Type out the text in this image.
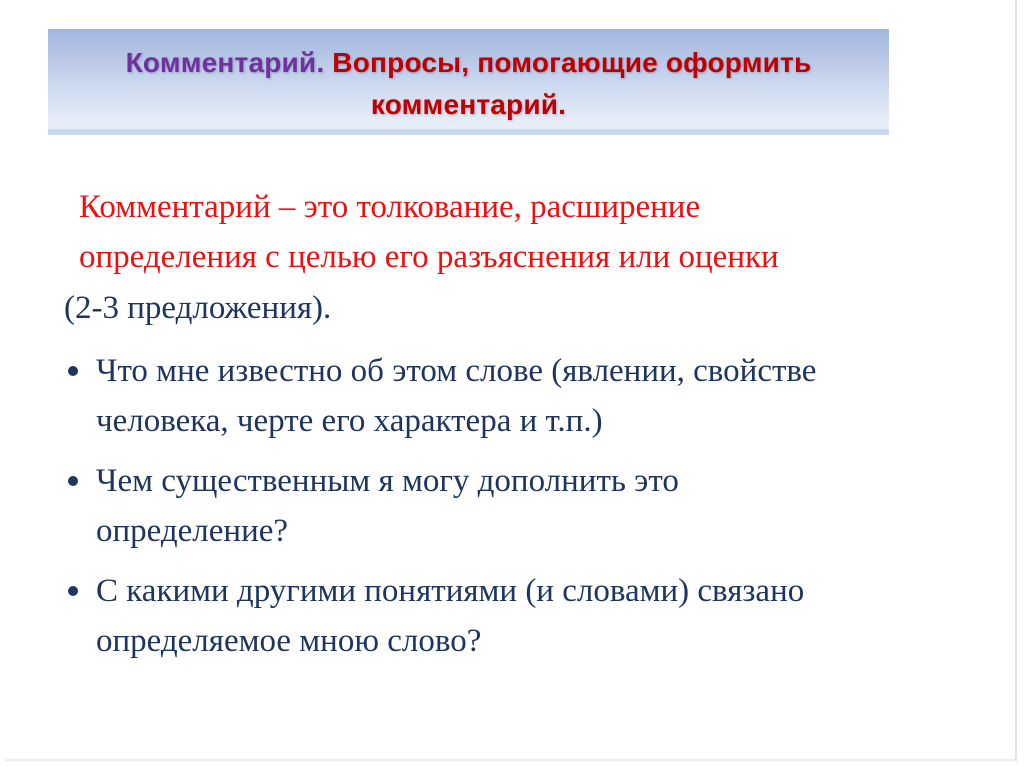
Комментарий. Вопросы, помогающие оформить комментарий.
Комментарий – это толкование, расширение
определения с целью его разъяснения или оценки
(2-3 предложения).
Что мне известно об этом слове (явлении, свойстве
человека, черте его характера и т.п.)
Чем существенным я могу дополнить это
определение?
С какими другими понятиями (и словами) связано
определяемое мною слово?
